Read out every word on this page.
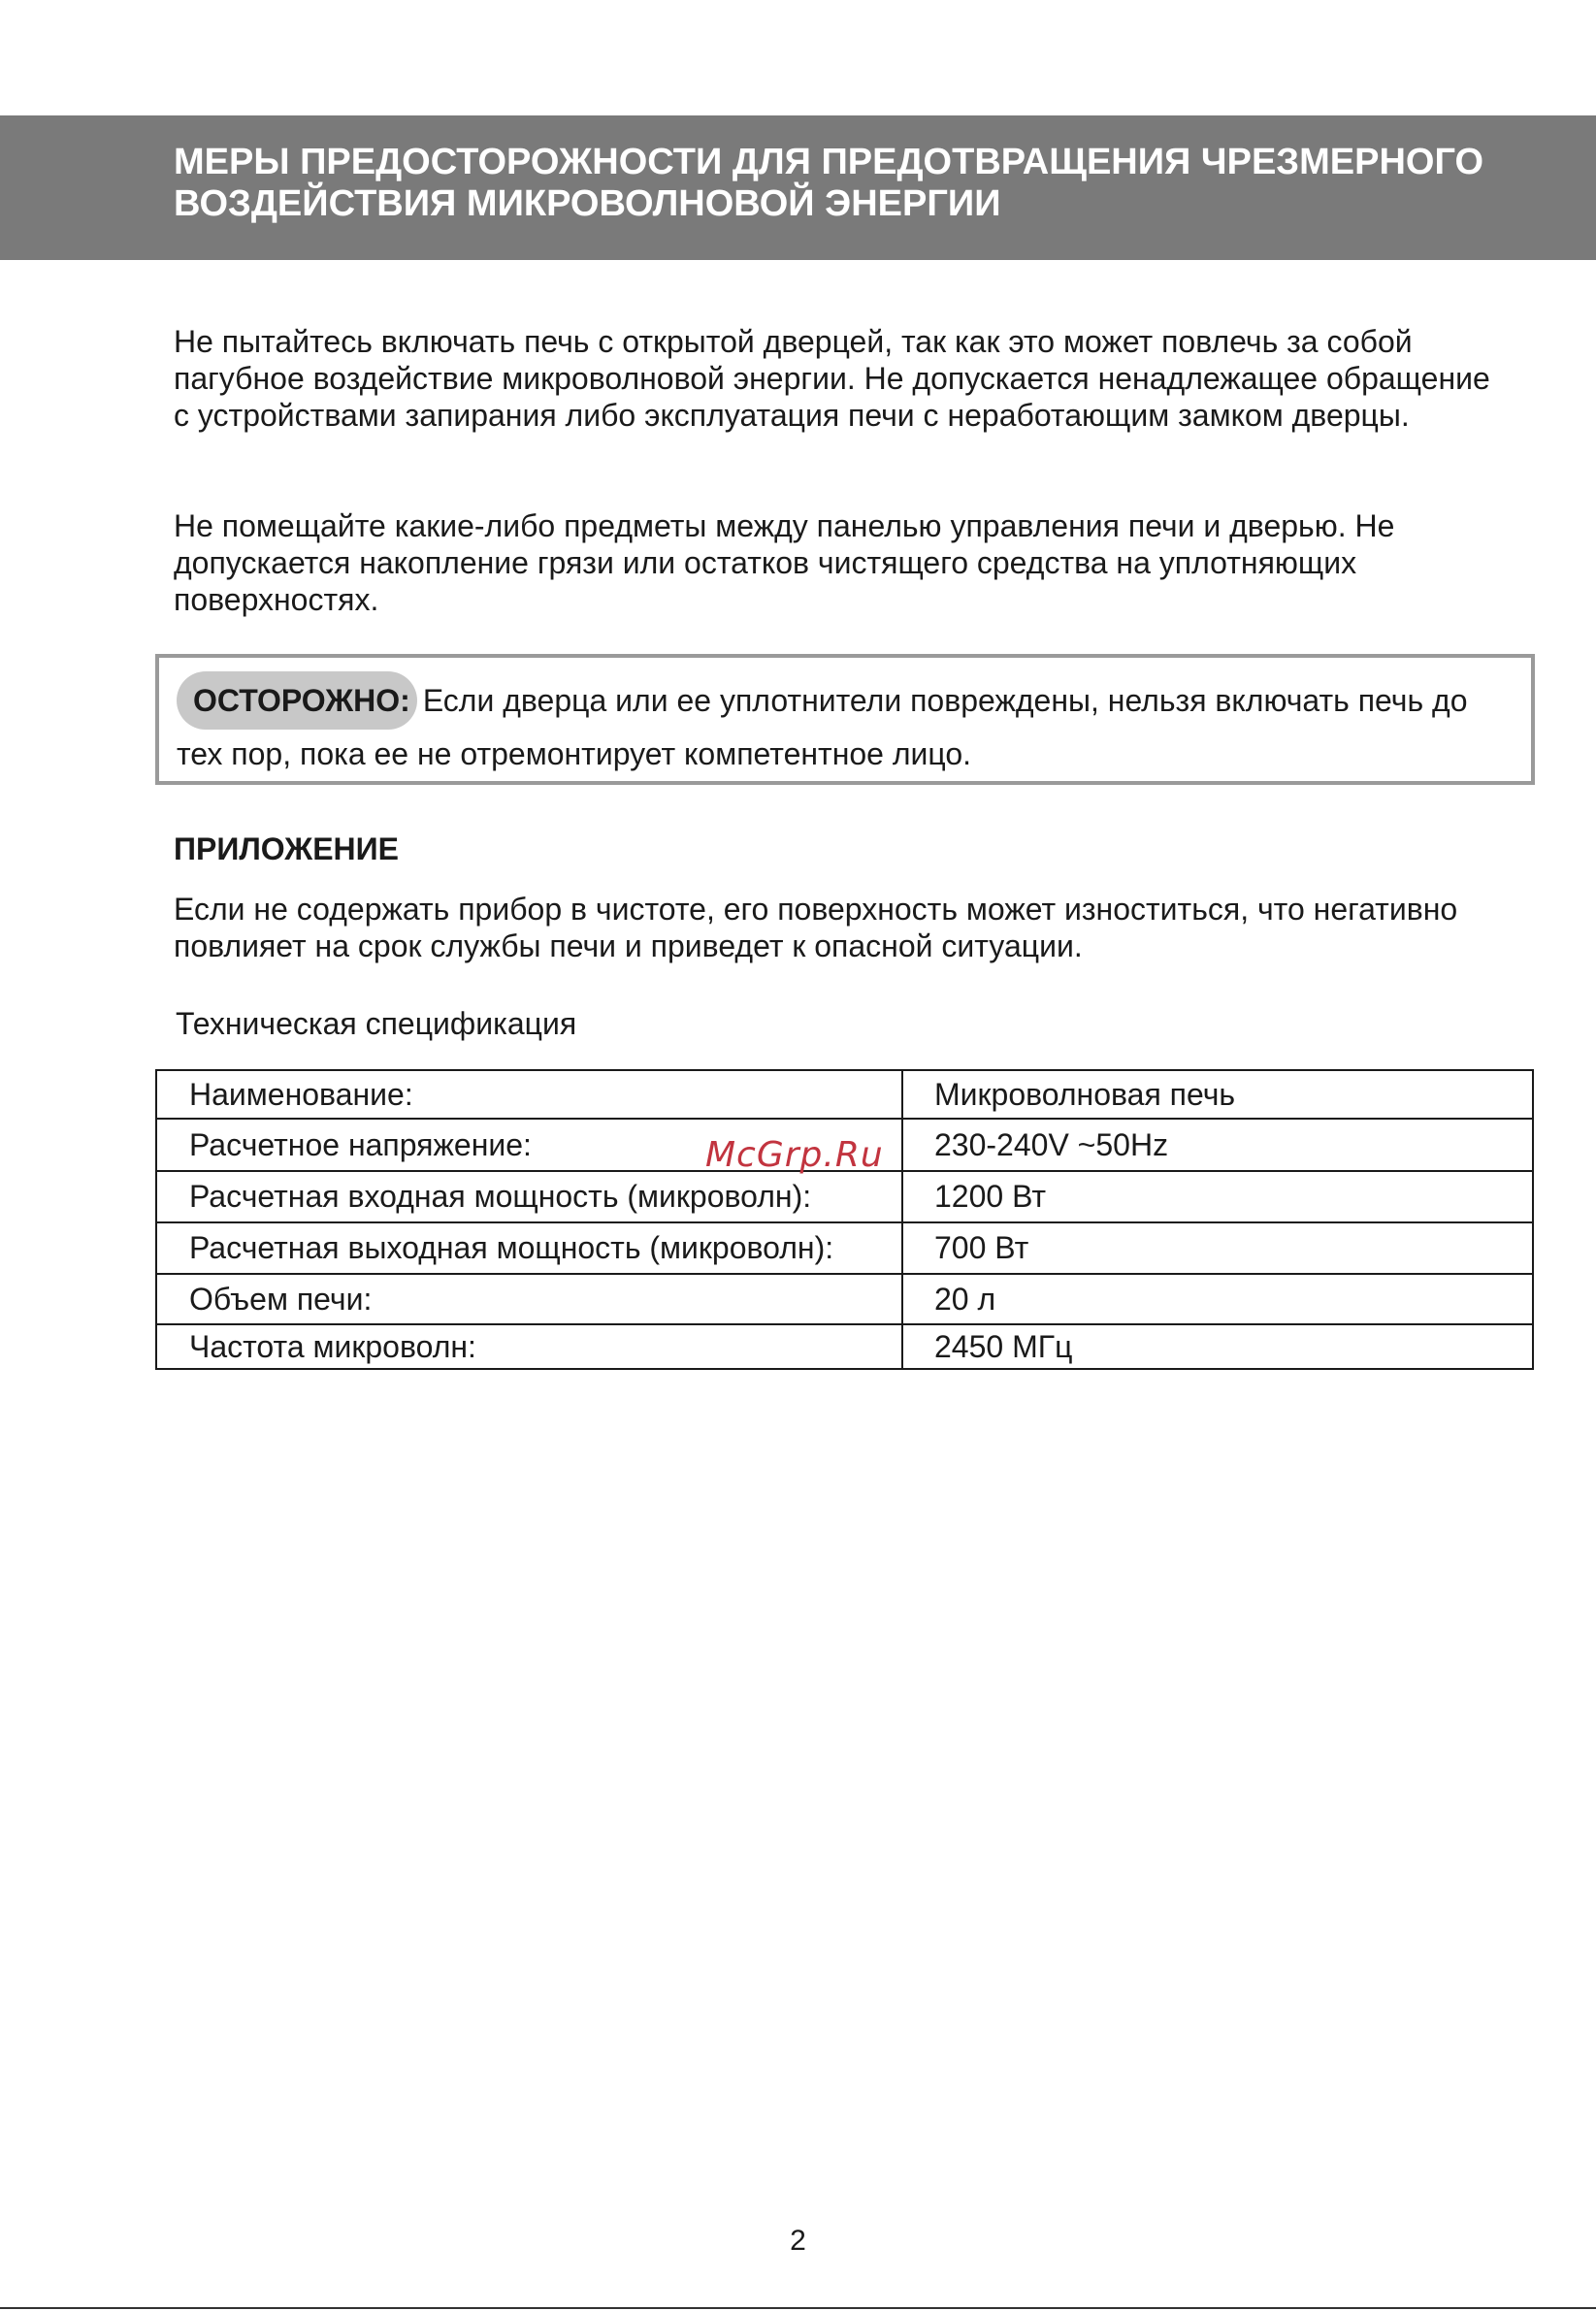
МЕРЫ ПРЕДОСТОРОЖНОСТИ ДЛЯ ПРЕДОТВРАЩЕНИЯ ЧРЕЗМЕРНОГО
ВОЗДЕЙСТВИЯ МИКРОВОЛНОВОЙ ЭНЕРГИИ

Не пытайтесь включать печь с открытой дверцей, так как это может повлечь за собой пагубное воздействие микроволновой энергии. Не допускается ненадлежащее обращение с устройствами запирания либо эксплуатация печи с неработающим замком дверцы.

Не помещайте какие-либо предметы между панелью управления печи и дверью. Не допускается накопление грязи или остатков чистящего средства на уплотняющих поверхностях.

ОСТОРОЖНО: Если дверца или ее уплотнители повреждены, нельзя включать печь до тех пор, пока ее не отремонтирует компетентное лицо.
ПРИЛОЖЕНИЕ

Если не содержать прибор в чистоте, его поверхность может изноститься, что негативно повлияет на срок службы печи и приведет к опасной ситуации.

Техническая спецификация

Наименование:	Микроволновая печь
Расчетное напряжение:	230-240V ~50Hz
Расчетная входная мощность (микроволн):	1200 Вт
Расчетная выходная мощность (микроволн):	700 Вт
Объем печи:	20 л
Частота микроволн:	2450 МГц
McGrp.Ru
2
